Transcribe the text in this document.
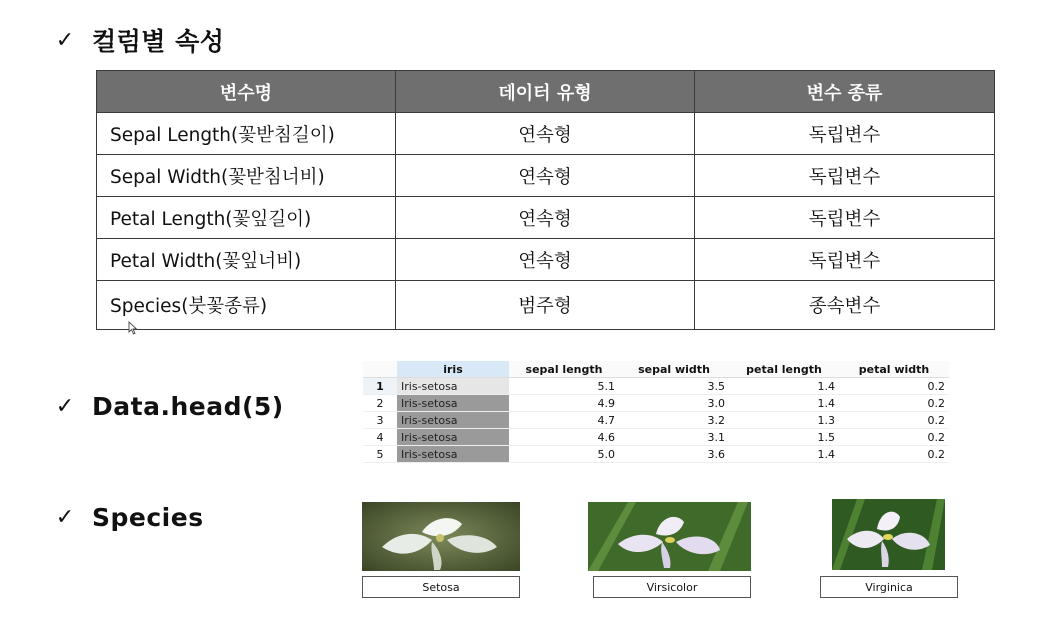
✓ 컬럼별 속성
변수명	데이터 유형	변수 종류
Sepal Length(꽃받침길이)	연속형	독립변수
Sepal Width(꽃받침너비)	연속형	독립변수
Petal Length(꽃잎길이)	연속형	독립변수
Petal Width(꽃잎너비)	연속형	독립변수
Species(붓꽃종류)	범주형	종속변수
✓ Data.head(5)
	iris	sepal length	sepal width	petal length	petal width
1	Iris-setosa	5.1	3.5	1.4	0.2
2	Iris-setosa	4.9	3.0	1.4	0.2
3	Iris-setosa	4.7	3.2	1.3	0.2
4	Iris-setosa	4.6	3.1	1.5	0.2
5	Iris-setosa	5.0	3.6	1.4	0.2
✓ Species
Setosa	Virsicolor	Virginica
